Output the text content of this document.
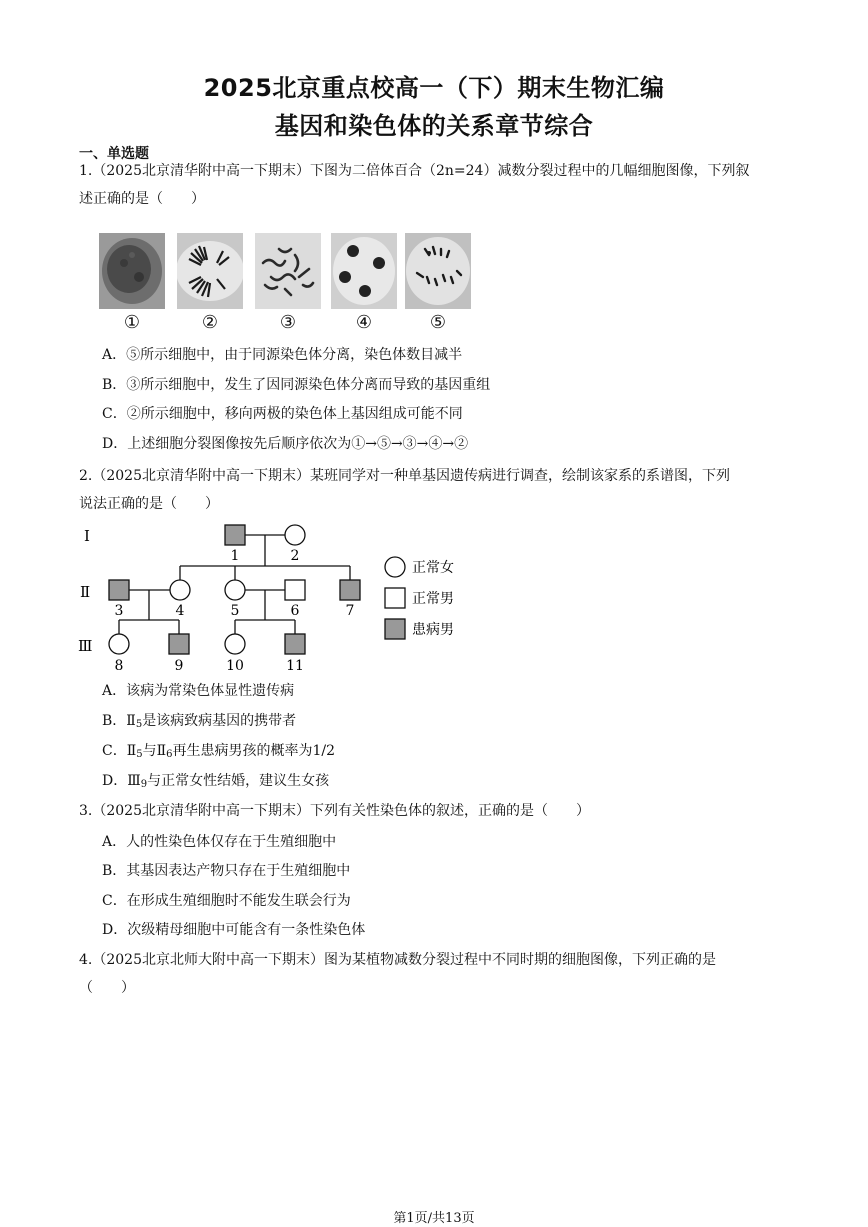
2025北京重点校高一（下）期末生物汇编
基因和染色体的关系章节综合
一、单选题
1.（2025北京清华附中高一下期末）下图为二倍体百合（2n=24）减数分裂过程中的几幅细胞图像，下列叙
述正确的是（　　）
①	②	③	④	⑤
A．⑤所示细胞中，由于同源染色体分离，染色体数目减半
B．③所示细胞中，发生了因同源染色体分离而导致的基因重组
C．②所示细胞中，移向两极的染色体上基因组成可能不同
D．上述细胞分裂图像按先后顺序依次为①→⑤→③→④→②
2.（2025北京清华附中高一下期末）某班同学对一种单基因遗传病进行调查，绘制该家系的系谱图，下列
说法正确的是（　　）
Ⅰ
Ⅱ
Ⅲ
1	2
3	4	5	6	7
8	9	10	11
正常女
正常男
患病男
A．该病为常染色体显性遗传病
B．$Ⅱ_5$是该病致病基因的携带者
C．$Ⅱ_5$与$Ⅱ_6$再生患病男孩的概率为1/2
D．$Ⅲ_9$与正常女性结婚，建议生女孩
3.（2025北京清华附中高一下期末）下列有关性染色体的叙述，正确的是（　　）
A．人的性染色体仅存在于生殖细胞中
B．其基因表达产物只存在于生殖细胞中
C．在形成生殖细胞时不能发生联会行为
D．次级精母细胞中可能含有一条性染色体
4.（2025北京北师大附中高一下期末）图为某植物减数分裂过程中不同时期的细胞图像，下列正确的是
（　　）
第1页/共13页
